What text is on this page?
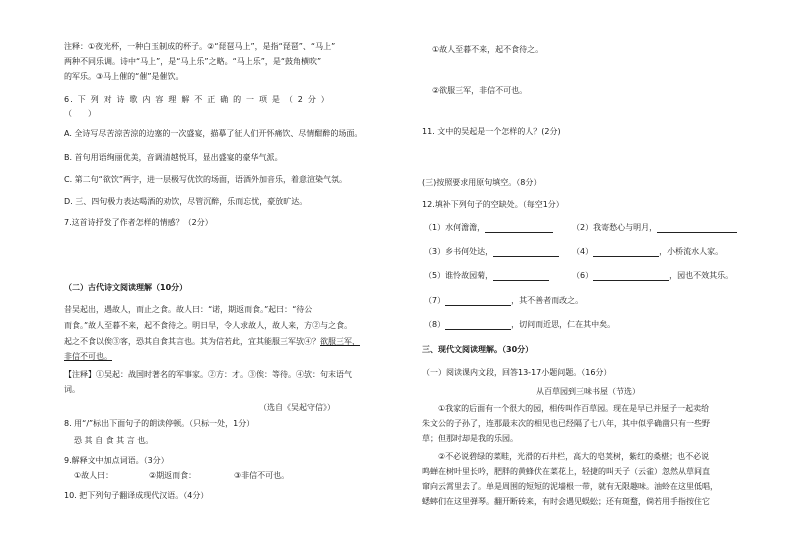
注释：①夜光杯，一种白玉制成的杯子。②“琵琶马上”，是指“琵琶”、“马上”
两种不同乐调。诗中“马上”，是“马上乐”之略。“马上乐”，是“鼓角横吹”
的军乐。③马上催的“催”是催饮。
6. 下 列 对 诗 歌 内 容 理 解 不 正 确 的 一 项 是 （ 2 分 ）
（　　）
A. 全诗写尽苦涼苦涼的边塞的一次盛宴，描摹了征人们开怀痛饮、尽情酣醉的场面。
B. 首句用语绚丽优美，音调清越悦耳，显出盛宴的豪华气派。
C. 第二句“欲饮”两字，进一层极写优饮的场面，语酒外加音乐，着意渲染气氛。
D. 三、四句极力表达喝酒的劝饮，尽管沉醉，乐而忘忧，豪放旷达。
7.这首诗抒发了作者怎样的情感？（2分）
（二）古代诗文阅读理解（10分）
昔吴起出，遇故人，而止之食。故人曰：“诺，期返而食。”起曰：“待公
而食。”故人至暮不来，起不食待之。明日早，令人求故人，故人来，方②与之食。
起之不食以俟③客，恐其自食其言也。其为信若此，宜其能服三军欤④？欲服三军，
非信不可也。
【注释】①吴起：战国时著名的军事家。②方：才。③俟：等待。④欤：句末语气
词。
（选自《吴起守信》）
8. 用“/”标出下面句子的朗读停顿。（只标一处，1分）
恐 其 自 食 其 言 也。
9.解释文中加点词语。（3分）
①故人曰：	②期返而食：	③非信不可也。
10. 把下列句子翻译成现代汉语。（4分）
①故人至暮不来，起不食待之。
②欲服三军，非信不可也。
11. 文中的吴起是一个怎样的人？(2分)
(三)按照要求用原句填空。（8分）
12.填补下列句子的空缺处。（每空1分）
（1）水何澹澹，	（2）我寄愁心与明月，
（3）乡书何处达，	（4）	，小桥流水人家。
（5）谁怜故园菊，	（6）	，园也不效其乐。
（7）	，其不善者而改之。
（8）	，切问而近思，仁在其中矣。
三、现代文阅读理解。（30分）
（一）阅读课内文段，回答13-17小题问题。（16分）
从百草园到三味书屋（节选）
　　①我家的后面有一个很大的园，相传叫作百草园。现在是早已并屋子一起卖给
朱文公的子孙了，连那最末次的相见也已经隔了七八年，其中似乎确凿只有一些野
草；但那时却是我的乐园。
　　②不必说碧绿的菜畦，光滑的石井栏，高大的皂荚树，紫红的桑椹；也不必说
鸣蝉在树叶里长吟，肥胖的黄蜂伏在菜花上，轻捷的叫天子（云雀）忽然从草间直
窜向云霄里去了。单是周围的短短的泥墙根一带，就有无限趣味。油蛉在这里低唱，
蟋蟀们在这里弹琴。翻开断砖来，有时会遇见蜈蚣；还有斑蝥，倘若用手指按住它
